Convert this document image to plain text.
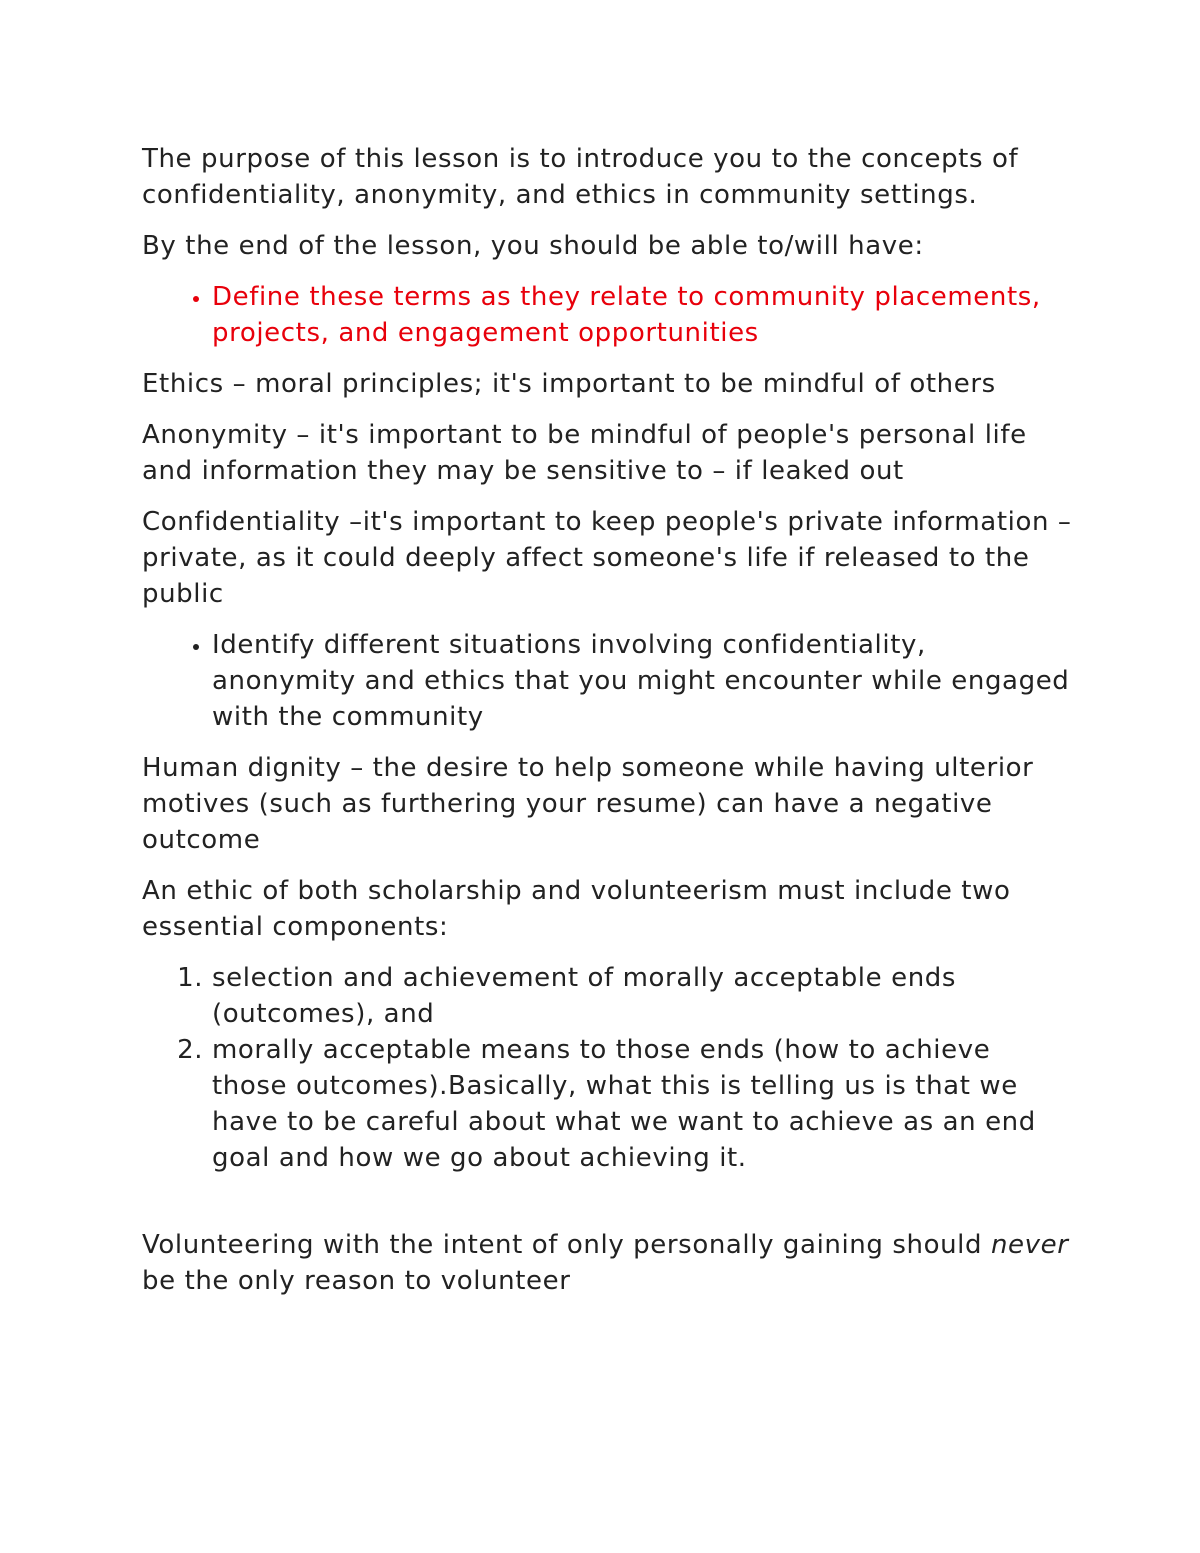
The purpose of this lesson is to introduce you to the concepts of confidentiality, anonymity, and ethics in community settings.

By the end of the lesson, you should be able to/will have:

• Define these terms as they relate to community placements, projects, and engagement opportunities

Ethics – moral principles; it's important to be mindful of others

Anonymity – it's important to be mindful of people's personal life and information they may be sensitive to – if leaked out

Confidentiality –it's important to keep people's private information – private, as it could deeply affect someone's life if released to the public

• Identify different situations involving confidentiality, anonymity and ethics that you might encounter while engaged with the community

Human dignity – the desire to help someone while having ulterior motives (such as furthering your resume) can have a negative outcome

An ethic of both scholarship and volunteerism must include two essential components:

1. selection and achievement of morally acceptable ends (outcomes), and
2. morally acceptable means to those ends (how to achieve those outcomes).Basically, what this is telling us is that we have to be careful about what we want to achieve as an end goal and how we go about achieving it.

Volunteering with the intent of only personally gaining should never be the only reason to volunteer
